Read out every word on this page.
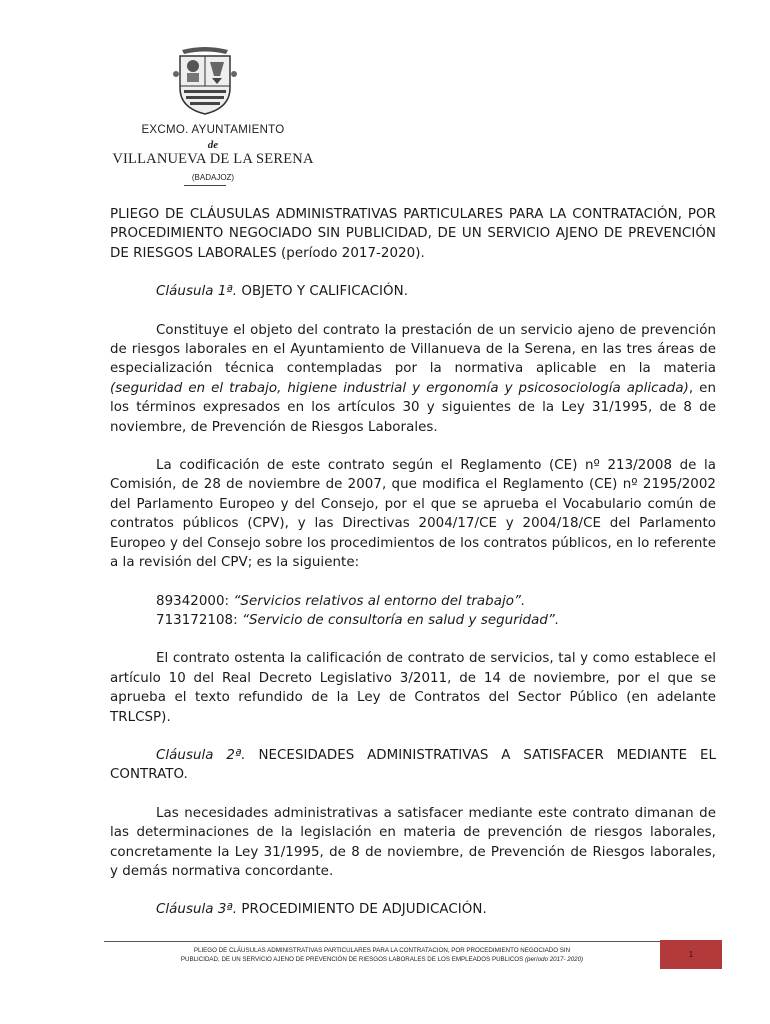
EXCMO. AYUNTAMIENTO
de
VILLANUEVA DE LA SERENA
(BADAJOZ)

PLIEGO DE CLÁUSULAS ADMINISTRATIVAS PARTICULARES PARA LA CONTRATACIÓN, POR PROCEDIMIENTO NEGOCIADO SIN PUBLICIDAD, DE UN SERVICIO AJENO DE PREVENCIÓN DE RIESGOS LABORALES (período 2017-2020).

Cláusula 1ª. OBJETO Y CALIFICACIÓN.

Constituye el objeto del contrato la prestación de un servicio ajeno de prevención de riesgos laborales en el Ayuntamiento de Villanueva de la Serena, en las tres áreas de especialización técnica contempladas por la normativa aplicable en la materia (seguridad en el trabajo, higiene industrial y ergonomía y psicosociología aplicada), en los términos expresados en los artículos 30 y siguientes de la Ley 31/1995, de 8 de noviembre, de Prevención de Riesgos Laborales.

La codificación de este contrato según el Reglamento (CE) nº 213/2008 de la Comisión, de 28 de noviembre de 2007, que modifica el Reglamento (CE) nº 2195/2002 del Parlamento Europeo y del Consejo, por el que se aprueba el Vocabulario común de contratos públicos (CPV), y las Directivas 2004/17/CE y 2004/18/CE del Parlamento Europeo y del Consejo sobre los procedimientos de los contratos públicos, en lo referente a la revisión del CPV; es la siguiente:

89342000: “Servicios relativos al entorno del trabajo”.

713172108: “Servicio de consultoría en salud y seguridad”.

El contrato ostenta la calificación de contrato de servicios, tal y como establece el artículo 10 del Real Decreto Legislativo 3/2011, de 14 de noviembre, por el que se aprueba el texto refundido de la Ley de Contratos del Sector Público (en adelante TRLCSP).

Cláusula 2ª. NECESIDADES ADMINISTRATIVAS A SATISFACER MEDIANTE EL CONTRATO.

Las necesidades administrativas a satisfacer mediante este contrato dimanan de las determinaciones de la legislación en materia de prevención de riesgos laborales, concretamente la Ley 31/1995, de 8 de noviembre, de Prevención de Riesgos laborales, y demás normativa concordante.

Cláusula 3ª. PROCEDIMIENTO DE ADJUDICACIÓN.

PLIEGO DE CLÁUSULAS ADMINISTRATIVAS PARTICULARES PARA LA CONTRATACION, POR PROCEDIMIENTO NEGOCIADO SIN
PUBLICIDAD, DE UN SERVICIO AJENO DE PREVENCIÓN DE RIESGOS LABORALES DE LOS EMPLEADOS PUBLICOS (período 2017- 2020)
1
